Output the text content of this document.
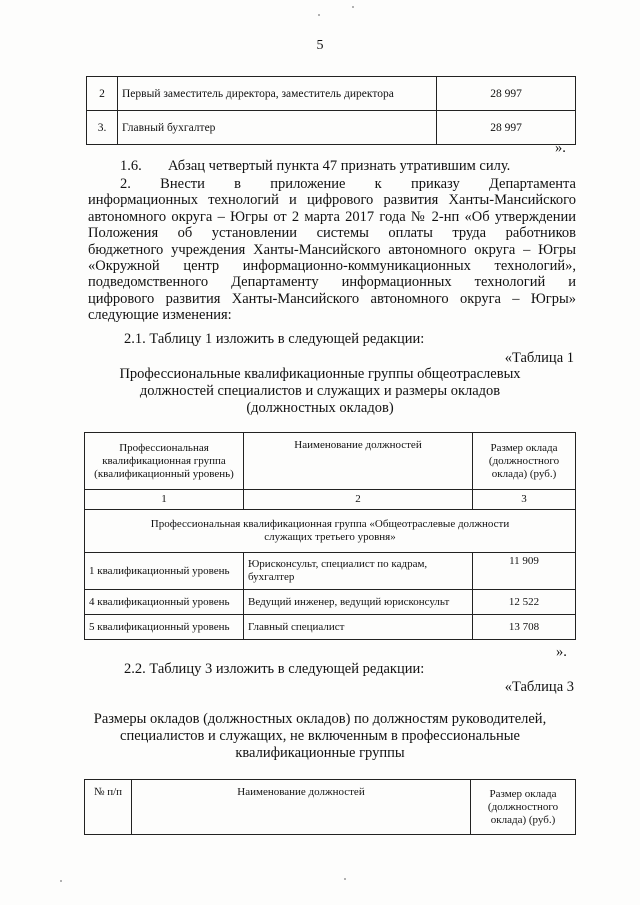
5
2	Первый заместитель директора, заместитель директора	28 997
3.	Главный бухгалтер	28 997
».
1.6. Абзац четвертый пункта 47 признать утратившим силу.
2.   Внести   в   приложение   к   приказу   Департамента
информационных технологий и цифрового развития Ханты-Мансийского
автономного округа – Югры от 2 марта 2017 года № 2-нп «Об утверждении
Положения об установлении системы оплаты труда работников
бюджетного учреждения Ханты-Мансийского автономного округа – Югры
«Окружной центр информационно-коммуникационных технологий»,
подведомственного Департаменту информационных технологий и
цифрового развития Ханты-Мансийского автономного округа – Югры»
следующие изменения:
2.1. Таблицу 1 изложить в следующей редакции:
«Таблица 1
Профессиональные квалификационные группы общеотраслевых
должностей специалистов и служащих и размеры окладов
(должностных окладов)
Профессиональная квалификационная группа (квалификационный уровень)	Наименование должностей	Размер оклада (должностного оклада) (руб.)
1	2	3
Профессиональная квалификационная группа «Общеотраслевые должности служащих третьего уровня»		
1 квалификационный уровень	Юрисконсульт, специалист по кадрам, бухгалтер	11 909
4 квалификационный уровень	Ведущий инженер, ведущий юрисконсульт	12 522
5 квалификационный уровень	Главный специалист	13 708
».
2.2. Таблицу 3 изложить в следующей редакции:
«Таблица 3
Размеры окладов (должностных окладов) по должностям руководителей,
специалистов и служащих, не включенным в профессиональные
квалификационные группы
№ п/п	Наименование должностей	Размер оклада (должностного оклада) (руб.)
